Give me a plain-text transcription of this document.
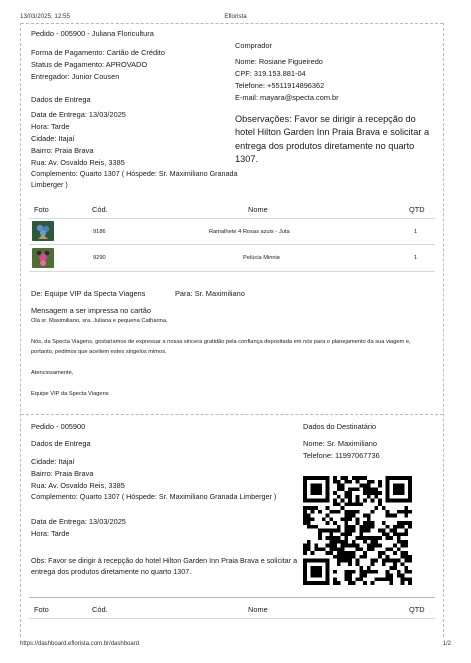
13/03/2025, 12:55	Eflorista
Pedido - 005900 - Juliana Floricultura
Forma de Pagamento: Cartão de Crédito
Status de Pagamento: APROVADO
Entregador: Junior Cousen
Comprador
Nome: Rosiane Figueiredo
CPF: 319.153.881-04
Telefone: +5511914896362
E-mail: mayara@specta.com.br
Dados de Entrega
Data de Entrega: 13/03/2025
Hora: Tarde
Cidade: Itajaí
Bairro: Praia Brava
Rua: Av. Osvaldo Reis, 3385
Complemento: Quarto 1307 ( Hóspede: Sr. Maximiliano Granada Limberger )
Observações: Favor se dirigir à recepção do hotel Hilton Garden Inn Praia Brava e solicitar a entrega dos produtos diretamente no quarto 1307.
Foto	Cód.	Nome	QTD
9186	Ramalhete 4 Rosas azuis - Juta	1
9290	Pelúcia Minnie	1
De: Equipe VIP da Specta Viagens	Para: Sr. Maximiliano
Mensagem a ser impressa no cartão
Olá sr. Maximiliano, sra. Juliana e pequena Catharina,
Nós, da Specta Viagens, gostaríamos de expressar a nossa sincera gratidão pela confiança depositada em nós para o planejamento da sua viagem e, portanto, pedimos que aceitem estes singelos mimos.
Atenciosamente,
Equipe VIP da Specta Viagens
Pedido - 005900
Dados de Entrega
Cidade: Itajaí
Bairro: Praia Brava
Rua: Av. Osvaldo Reis, 3385
Complemento: Quarto 1307 ( Hóspede: Sr. Maximiliano Granada Limberger )
Data de Entrega: 13/03/2025
Hora: Tarde
Obs: Favor se dirigir à recepção do hotel Hilton Garden Inn Praia Brava e solicitar a entrega dos produtos diretamente no quarto 1307.
Dados do Destinatário
Nome: Sr. Maximiliano
Telefone: 11997067736
Foto	Cód.	Nome	QTD
https://dashboard.eflorista.com.br/dashboard	1/2
